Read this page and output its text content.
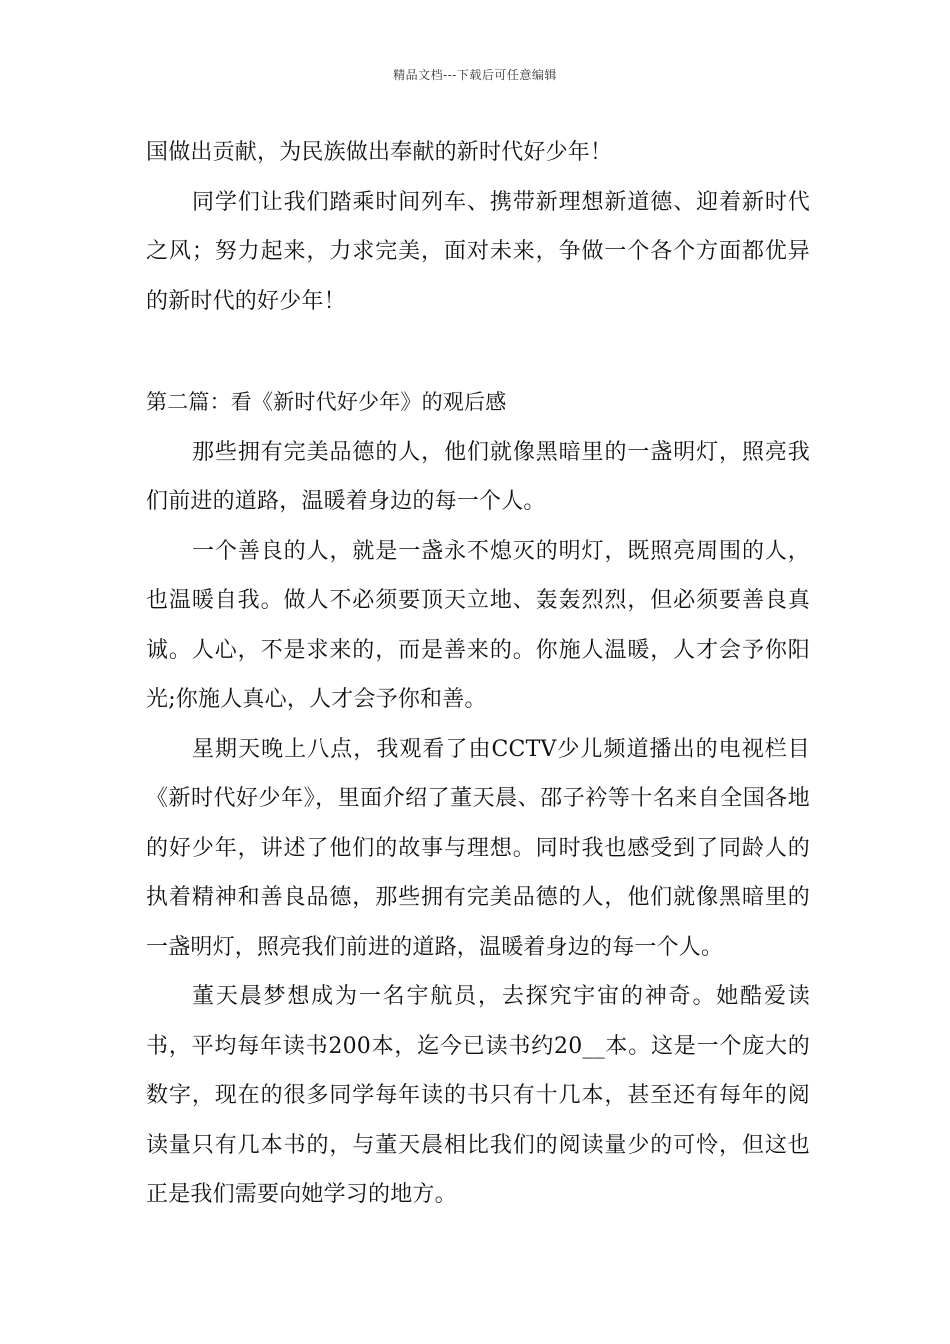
精品文档---下载后可任意编辑

国做出贡献，为民族做出奉献的新时代好少年！

同学们让我们踏乘时间列车、携带新理想新道德、迎着新时代之风；努力起来，力求完美，面对未来，争做一个各个方面都优异的新时代的好少年！

第二篇：看《新时代好少年》的观后感

那些拥有完美品德的人，他们就像黑暗里的一盏明灯，照亮我们前进的道路，温暖着身边的每一个人。

一个善良的人，就是一盏永不熄灭的明灯，既照亮周围的人，也温暖自我。做人不必须要顶天立地、轰轰烈烈，但必须要善良真诚。人心，不是求来的，而是善来的。你施人温暖，人才会予你阳光;你施人真心，人才会予你和善。

星期天晚上八点，我观看了由CCTV少儿频道播出的电视栏目《新时代好少年》，里面介绍了董天晨、邵子衿等十名来自全国各地的好少年，讲述了他们的故事与理想。同时我也感受到了同龄人的执着精神和善良品德，那些拥有完美品德的人，他们就像黑暗里的一盏明灯，照亮我们前进的道路，温暖着身边的每一个人。

董天晨梦想成为一名宇航员，去探究宇宙的神奇。她酷爱读书，平均每年读书200本，迄今已读书约20__本。这是一个庞大的数字，现在的很多同学每年读的书只有十几本，甚至还有每年的阅读量只有几本书的，与董天晨相比我们的阅读量少的可怜，但这也正是我们需要向她学习的地方。
